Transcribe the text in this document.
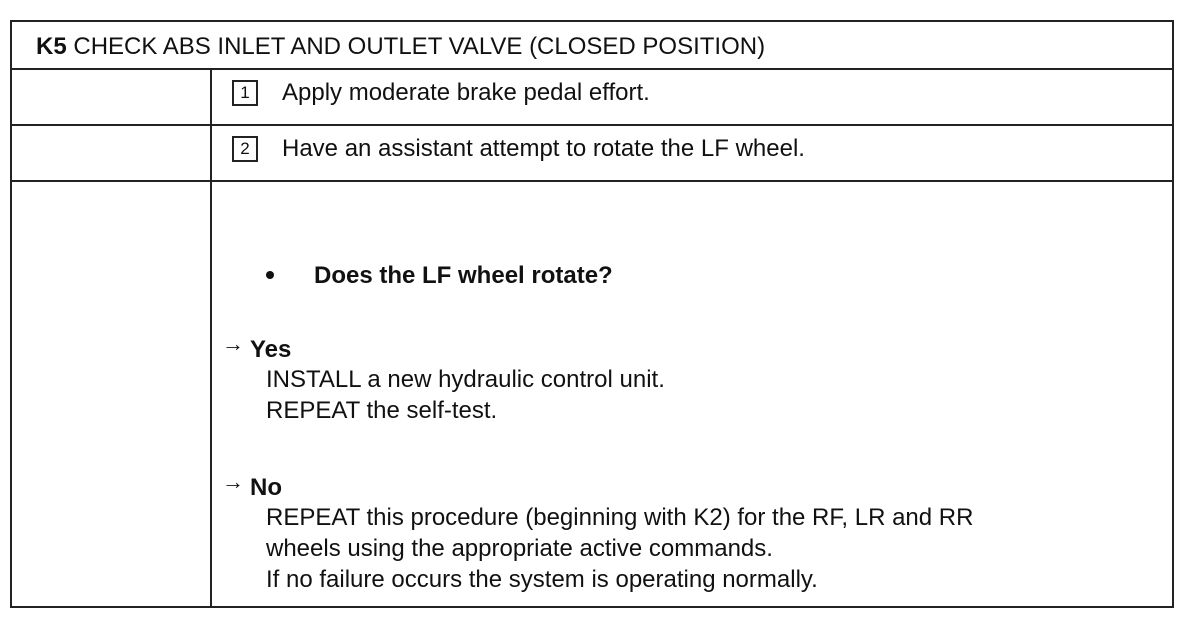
K5 CHECK ABS INLET AND OUTLET VALVE (CLOSED POSITION)
1	Apply moderate brake pedal effort.
2	Have an assistant attempt to rotate the LF wheel.
Does the LF wheel rotate?
→ Yes
INSTALL a new hydraulic control unit.
REPEAT the self-test.
→ No
REPEAT this procedure (beginning with K2) for the RF, LR and RR
wheels using the appropriate active commands.
If no failure occurs the system is operating normally.
